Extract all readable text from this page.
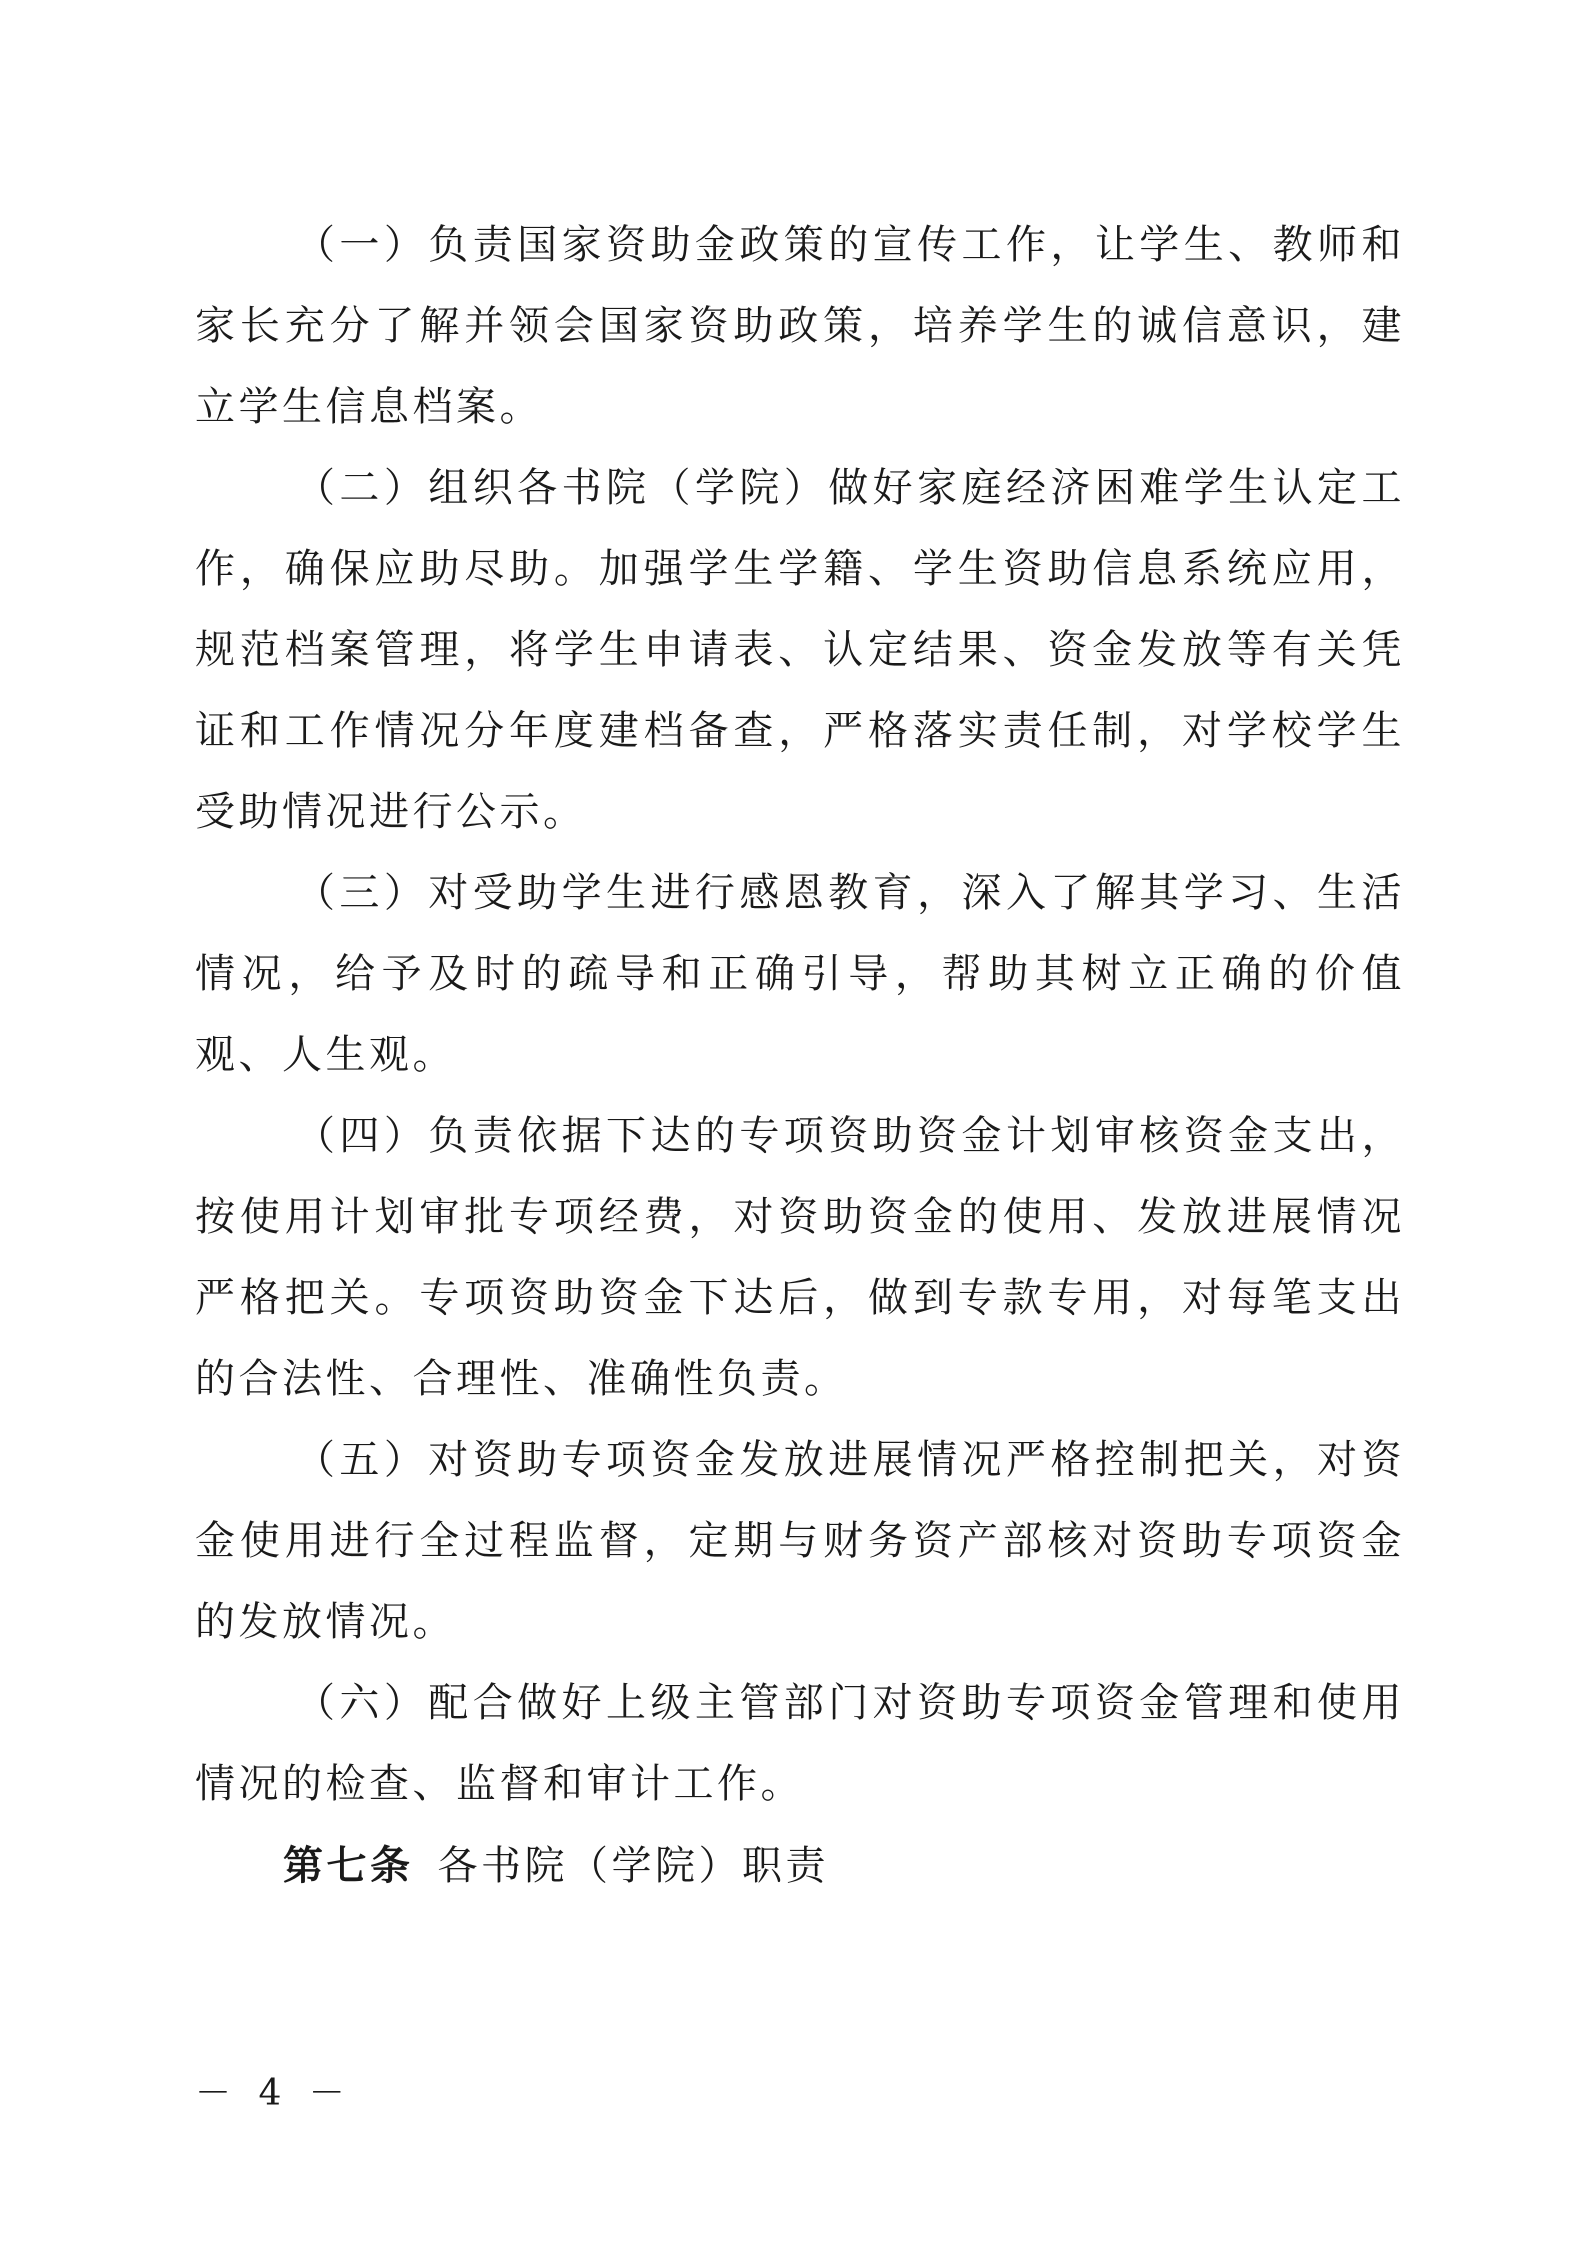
（一）负责国家资助金政策的宣传工作，让学生、教师和家长充分了解并领会国家资助政策，培养学生的诚信意识，建立学生信息档案。

（二）组织各书院（学院）做好家庭经济困难学生认定工作，确保应助尽助。加强学生学籍、学生资助信息系统应用，规范档案管理，将学生申请表、认定结果、资金发放等有关凭证和工作情况分年度建档备查，严格落实责任制，对学校学生受助情况进行公示。

（三）对受助学生进行感恩教育，深入了解其学习、生活情况，给予及时的疏导和正确引导，帮助其树立正确的价值观、人生观。

（四）负责依据下达的专项资助资金计划审核资金支出，按使用计划审批专项经费，对资助资金的使用、发放进展情况严格把关。专项资助资金下达后，做到专款专用，对每笔支出的合法性、合理性、准确性负责。

（五）对资助专项资金发放进展情况严格控制把关，对资金使用进行全过程监督，定期与财务资产部核对资助专项资金的发放情况。

（六）配合做好上级主管部门对资助专项资金管理和使用情况的检查、监督和审计工作。

第七条 各书院（学院）职责

－ 4 －
